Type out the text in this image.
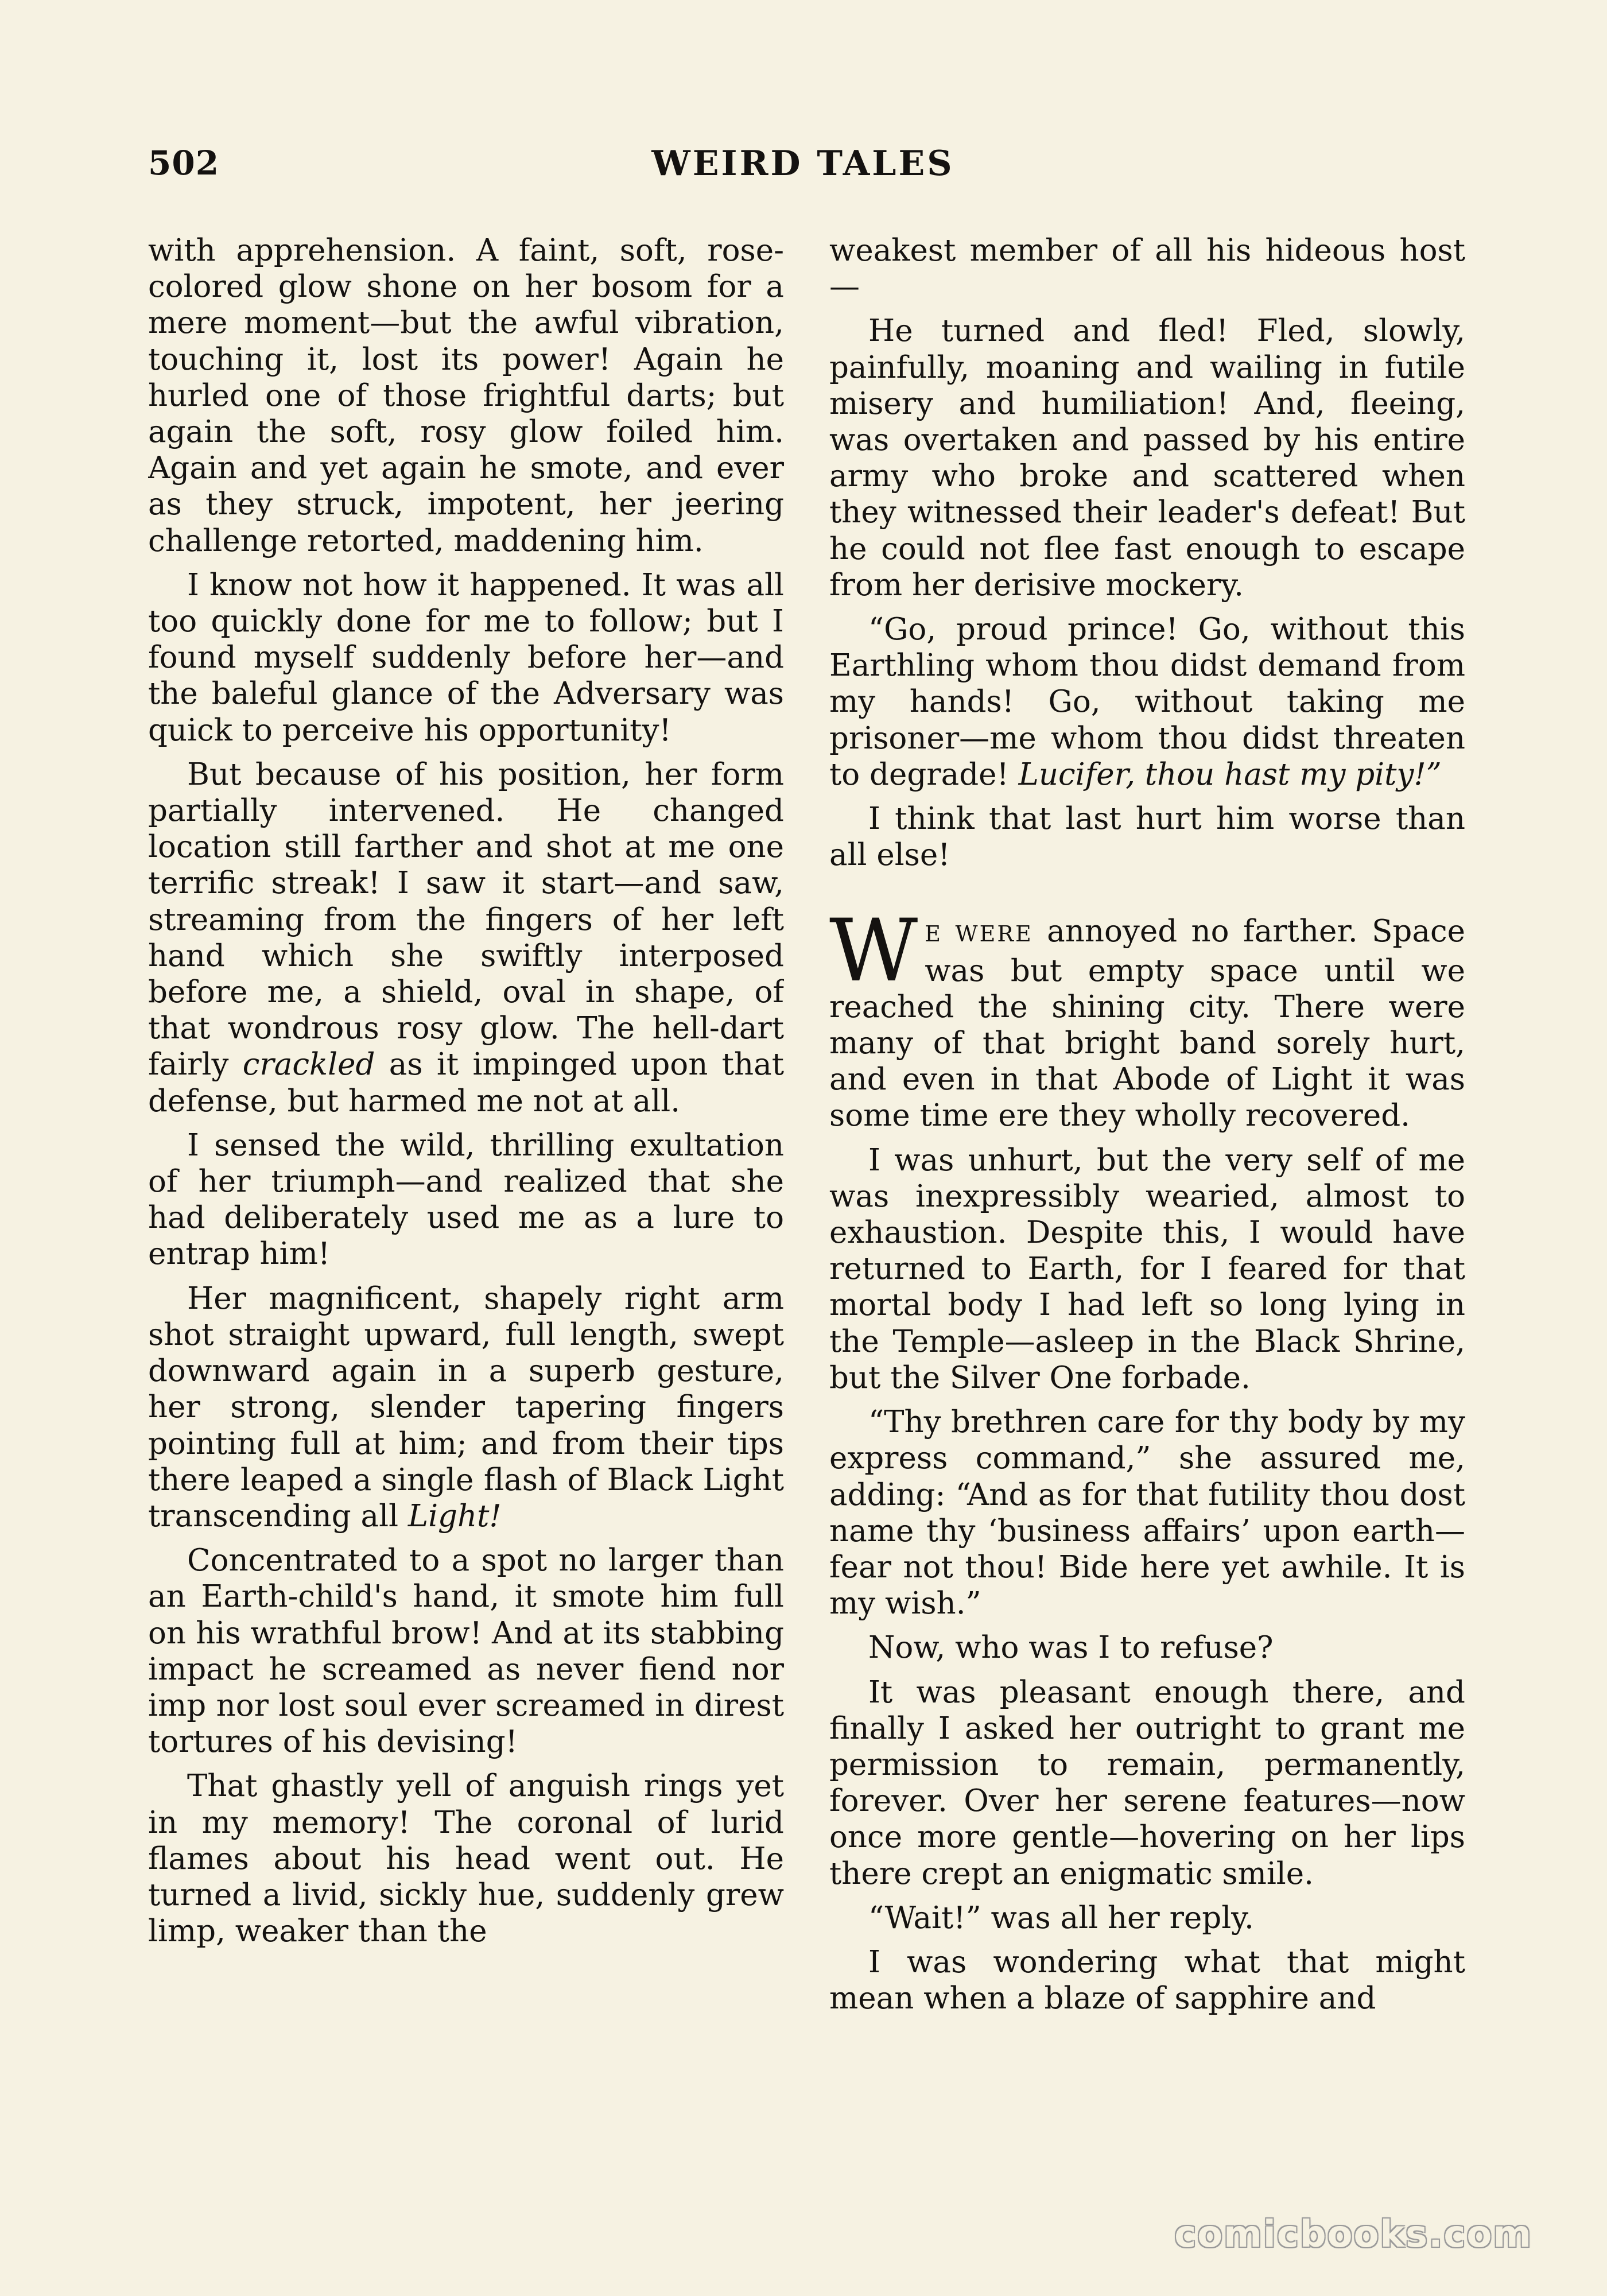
502	WEIRD TALES

with apprehension. A faint, soft, rose-colored glow shone on her bosom for a mere moment—but the awful vibration, touching it, lost its power! Again he hurled one of those frightful darts; but again the soft, rosy glow foiled him. Again and yet again he smote, and ever as they struck, impotent, her jeering challenge retorted, maddening him.

I know not how it happened. It was all too quickly done for me to follow; but I found myself suddenly before her—and the baleful glance of the Adversary was quick to perceive his opportunity!

But because of his position, her form partially intervened. He changed location still farther and shot at me one terrific streak! I saw it start—and saw, streaming from the fingers of her left hand which she swiftly interposed before me, a shield, oval in shape, of that wondrous rosy glow. The hell-dart fairly crackled as it impinged upon that defense, but harmed me not at all.

I sensed the wild, thrilling exultation of her triumph—and realized that she had deliberately used me as a lure to entrap him!

Her magnificent, shapely right arm shot straight upward, full length, swept downward again in a superb gesture, her strong, slender tapering fingers pointing full at him; and from their tips there leaped a single flash of Black Light transcending all Light!

Concentrated to a spot no larger than an Earth-child's hand, it smote him full on his wrathful brow! And at its stabbing impact he screamed as never fiend nor imp nor lost soul ever screamed in direst tortures of his devising!

That ghastly yell of anguish rings yet in my memory! The coronal of lurid flames about his head went out. He turned a livid, sickly hue, suddenly grew limp, weaker than the

weakest member of all his hideous host—

He turned and fled! Fled, slowly, painfully, moaning and wailing in futile misery and humiliation! And, fleeing, was overtaken and passed by his entire army who broke and scattered when they witnessed their leader's defeat! But he could not flee fast enough to escape from her derisive mockery.

“Go, proud prince! Go, without this Earthling whom thou didst demand from my hands! Go, without taking me prisoner—me whom thou didst threaten to degrade! Lucifer, thou hast my pity!”

I think that last hurt him worse than all else!

W E WERE annoyed no farther. Space was but empty space until we reached the shining city. There were many of that bright band sorely hurt, and even in that Abode of Light it was some time ere they wholly recovered.

I was unhurt, but the very self of me was inexpressibly wearied, almost to exhaustion. Despite this, I would have returned to Earth, for I feared for that mortal body I had left so long lying in the Temple—asleep in the Black Shrine, but the Silver One forbade.

“Thy brethren care for thy body by my express command,” she assured me, adding: “And as for that futility thou dost name thy ‘business affairs’ upon earth—fear not thou! Bide here yet awhile. It is my wish.”

Now, who was I to refuse?

It was pleasant enough there, and finally I asked her outright to grant me permission to remain, permanently, forever. Over her serene features—now once more gentle—hovering on her lips there crept an enigmatic smile.

“Wait!” was all her reply.

I was wondering what that might mean when a blaze of sapphire and

comicbooks.com
